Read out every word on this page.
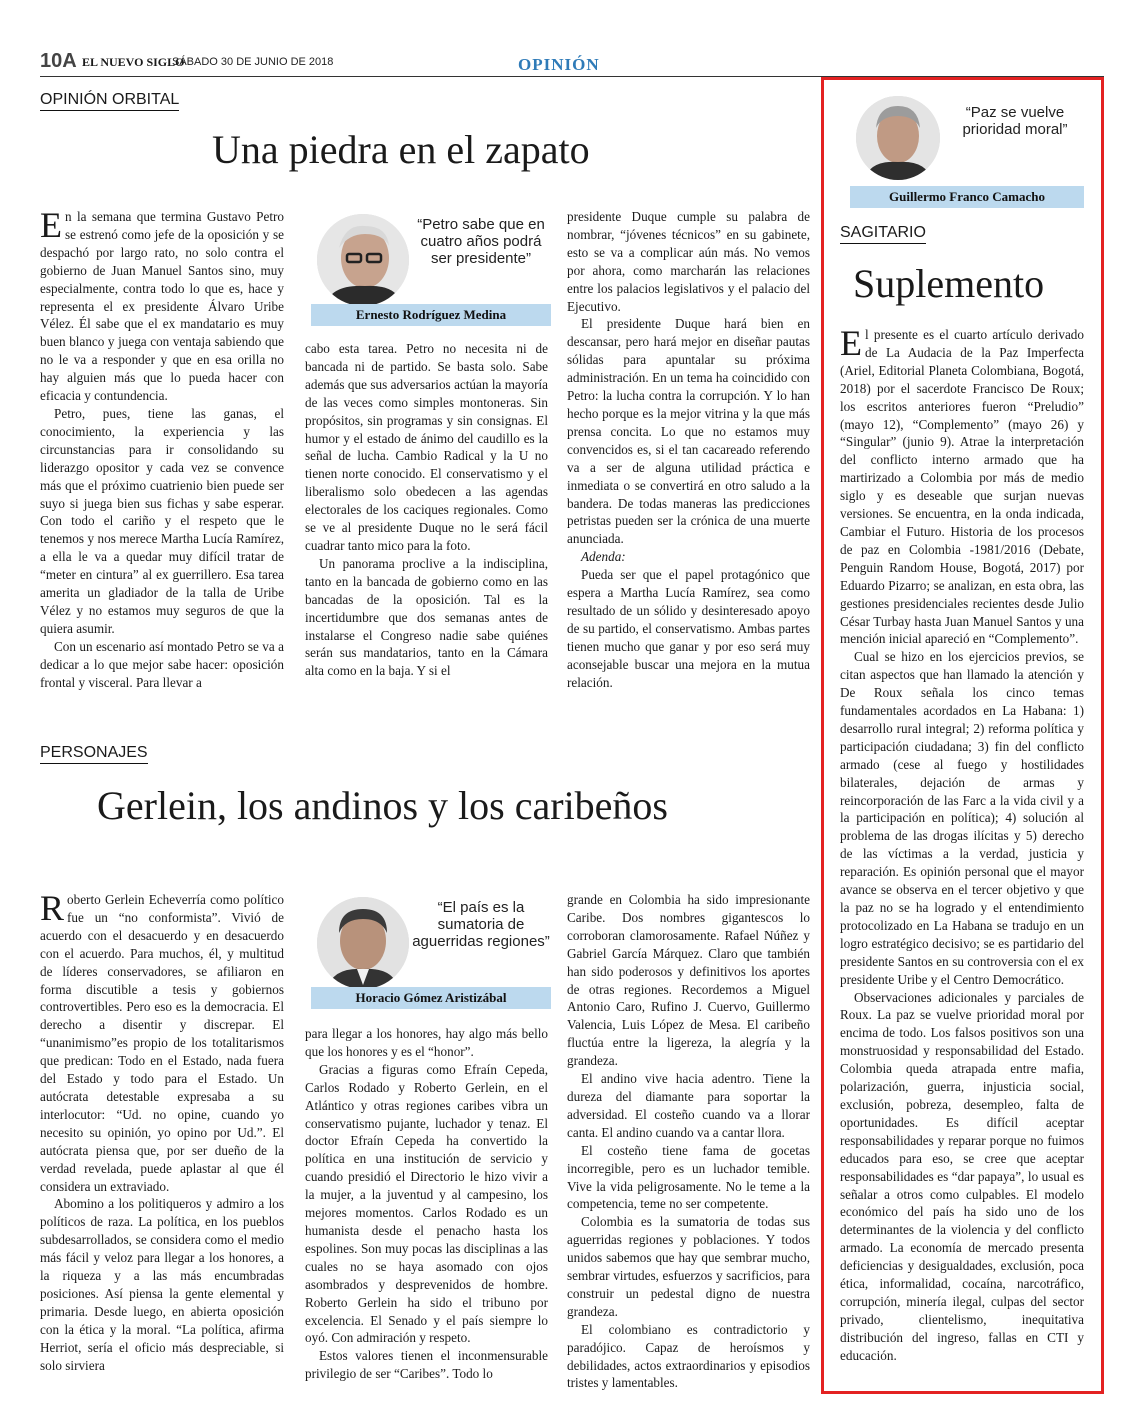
10A EL NUEVO SIGLO
SÁBADO 30 DE JUNIO DE 2018	OPINIÓN
OPINIÓN ORBITAL
Una piedra en el zapato

En la semana que termina Gustavo Petro se estrenó como jefe de la oposición y se despachó por largo rato, no solo contra el gobierno de Juan Manuel Santos sino, muy especialmente, contra todo lo que es, hace y representa el ex presidente Álvaro Uribe Vélez. Él sabe que el ex mandatario es muy buen blanco y juega con ventaja sabiendo que no le va a responder y que en esa orilla no hay alguien más que lo pueda hacer con eficacia y contundencia.

Petro, pues, tiene las ganas, el conocimiento, la experiencia y las circunstancias para ir consolidando su liderazgo opositor y cada vez se convence más que el próximo cuatrienio bien puede ser suyo si juega bien sus fichas y sabe esperar. Con todo el cariño y el respeto que le tenemos y nos merece Martha Lucía Ramírez, a ella le va a quedar muy difícil tratar de “meter en cintura” al ex guerrillero. Esa tarea amerita un gladiador de la talla de Uribe Vélez y no estamos muy seguros de que la quiera asumir.

Con un escenario así montado Petro se va a dedicar a lo que mejor sabe hacer: oposición frontal y visceral. Para llevar a

“Petro sabe que en cuatro años podrá ser presidente”
Ernesto Rodríguez Medina

cabo esta tarea. Petro no necesita ni de bancada ni de partido. Se basta solo. Sabe además que sus adversarios actúan la mayoría de las veces como simples montoneras. Sin propósitos, sin programas y sin consignas. El humor y el estado de ánimo del caudillo es la señal de lucha. Cambio Radical y la U no tienen norte conocido. El conservatismo y el liberalismo solo obedecen a las agendas electorales de los caciques regionales. Como se ve al presidente Duque no le será fácil cuadrar tanto mico para la foto.

Un panorama proclive a la indisciplina, tanto en la bancada de gobierno como en las bancadas de la oposición. Tal es la incertidumbre que dos semanas antes de instalarse el Congreso nadie sabe quiénes serán sus mandatarios, tanto en la Cámara alta como en la baja. Y si el

presidente Duque cumple su palabra de nombrar, “jóvenes técnicos” en su gabinete, esto se va a complicar aún más. No vemos por ahora, como marcharán las relaciones entre los palacios legislativos y el palacio del Ejecutivo.

El presidente Duque hará bien en descansar, pero hará mejor en diseñar pautas sólidas para apuntalar su próxima administración. En un tema ha coincidido con Petro: la lucha contra la corrupción. Y lo han hecho porque es la mejor vitrina y la que más prensa concita. Lo que no estamos muy convencidos es, si el tan cacareado referendo va a ser de alguna utilidad práctica e inmediata o se convertirá en otro saludo a la bandera. De todas maneras las predicciones petristas pueden ser la crónica de una muerte anunciada.

Adenda:

Pueda ser que el papel protagónico que espera a Martha Lucía Ramírez, sea como resultado de un sólido y desinteresado apoyo de su partido, el conservatismo. Ambas partes tienen mucho que ganar y por eso será muy aconsejable buscar una mejora en la mutua relación.

PERSONAJES
Gerlein, los andinos y los caribeños

Roberto Gerlein Echeverría como político fue un “no conformista”. Vivió de acuerdo con el desacuerdo y en desacuerdo con el acuerdo. Para muchos, él, y multitud de líderes conservadores, se afiliaron en forma discutible a tesis y gobiernos controvertibles. Pero eso es la democracia. El derecho a disentir y discrepar. El “unanimismo”es propio de los totalitarismos que predican: Todo en el Estado, nada fuera del Estado y todo para el Estado. Un autócrata detestable expresaba a su interlocutor: “Ud. no opine, cuando yo necesito su opinión, yo opino por Ud.”. El autócrata piensa que, por ser dueño de la verdad revelada, puede aplastar al que él considera un extraviado.

Abomino a los politiqueros y admiro a los políticos de raza. La política, en los pueblos subdesarrollados, se considera como el medio más fácil y veloz para llegar a los honores, a la riqueza y a las más encumbradas posiciones. Así piensa la gente elemental y primaria. Desde luego, en abierta oposición con la ética y la moral. “La política, afirma Herriot, sería el oficio más despreciable, si solo sirviera

“El país es la sumatoria de aguerridas regiones”
Horacio Gómez Aristizábal

para llegar a los honores, hay algo más bello que los honores y es el “honor”.

Gracias a figuras como Efraín Cepeda, Carlos Rodado y Roberto Gerlein, en el Atlántico y otras regiones caribes vibra un conservatismo pujante, luchador y tenaz. El doctor Efraín Cepeda ha convertido la política en una institución de servicio y cuando presidió el Directorio le hizo vivir a la mujer, a la juventud y al campesino, los mejores momentos. Carlos Rodado es un humanista desde el penacho hasta los espolines. Son muy pocas las disciplinas a las cuales no se haya asomado con ojos asombrados y desprevenidos de hombre. Roberto Gerlein ha sido el tribuno por excelencia. El Senado y el país siempre lo oyó. Con admiración y respeto.

Estos valores tienen el inconmensurable privilegio de ser “Caribes”. Todo lo

grande en Colombia ha sido impresionante Caribe. Dos nombres gigantescos lo corroboran clamorosamente. Rafael Núñez y Gabriel García Márquez. Claro que también han sido poderosos y definitivos los aportes de otras regiones. Recordemos a Miguel Antonio Caro, Rufino J. Cuervo, Guillermo Valencia, Luis López de Mesa. El caribeño fluctúa entre la ligereza, la alegría y la grandeza.

El andino vive hacia adentro. Tiene la dureza del diamante para soportar la adversidad. El costeño cuando va a llorar canta. El andino cuando va a cantar llora.

El costeño tiene fama de gocetas incorregible, pero es un luchador temible. Vive la vida peligrosamente. No le teme a la competencia, teme no ser competente.

Colombia es la sumatoria de todas sus aguerridas regiones y poblaciones. Y todos unidos sabemos que hay que sembrar mucho, sembrar virtudes, esfuerzos y sacrificios, para construir un pedestal digno de nuestra grandeza.

El colombiano es contradictorio y paradójico. Capaz de heroísmos y debilidades, actos extraordinarios y episodios tristes y lamentables.

“Paz se vuelve prioridad moral”
Guillermo Franco Camacho
SAGITARIO
Suplemento

El presente es el cuarto artículo derivado de La Audacia de la Paz Imperfecta (Ariel, Editorial Planeta Colombiana, Bogotá, 2018) por el sacerdote Francisco De Roux; los escritos anteriores fueron “Preludio” (mayo 12), “Complemento” (mayo 26) y “Singular” (junio 9). Atrae la interpretación del conflicto interno armado que ha martirizado a Colombia por más de medio siglo y es deseable que surjan nuevas versiones. Se encuentra, en la onda indicada, Cambiar el Futuro. Historia de los procesos de paz en Colombia -1981/2016 (Debate, Penguin Random House, Bogotá, 2017) por Eduardo Pizarro; se analizan, en esta obra, las gestiones presidenciales recientes desde Julio César Turbay hasta Juan Manuel Santos y una mención inicial apareció en “Complemento”.

Cual se hizo en los ejercicios previos, se citan aspectos que han llamado la atención y De Roux señala los cinco temas fundamentales acordados en La Habana: 1) desarrollo rural integral; 2) reforma política y participación ciudadana; 3) fin del conflicto armado (cese al fuego y hostilidades bilaterales, dejación de armas y reincorporación de las Farc a la vida civil y a la participación en política); 4) solución al problema de las drogas ilícitas y 5) derecho de las víctimas a la verdad, justicia y reparación. Es opinión personal que el mayor avance se observa en el tercer objetivo y que la paz no se ha logrado y el entendimiento protocolizado en La Habana se tradujo en un logro estratégico decisivo; se es partidario del presidente Santos en su controversia con el ex presidente Uribe y el Centro Democrático.

Observaciones adicionales y parciales de Roux. La paz se vuelve prioridad moral por encima de todo. Los falsos positivos son una monstruosidad y responsabilidad del Estado. Colombia queda atrapada entre mafia, polarización, guerra, injusticia social, exclusión, pobreza, desempleo, falta de oportunidades. Es difícil aceptar responsabilidades y reparar porque no fuimos educados para eso, se cree que aceptar responsabilidades es “dar papaya”, lo usual es señalar a otros como culpables. El modelo económico del país ha sido uno de los determinantes de la violencia y del conflicto armado. La economía de mercado presenta deficiencias y desigualdades, exclusión, poca ética, informalidad, cocaína, narcotráfico, corrupción, minería ilegal, culpas del sector privado, clientelismo, inequitativa distribución del ingreso, fallas en CTI y educación.
